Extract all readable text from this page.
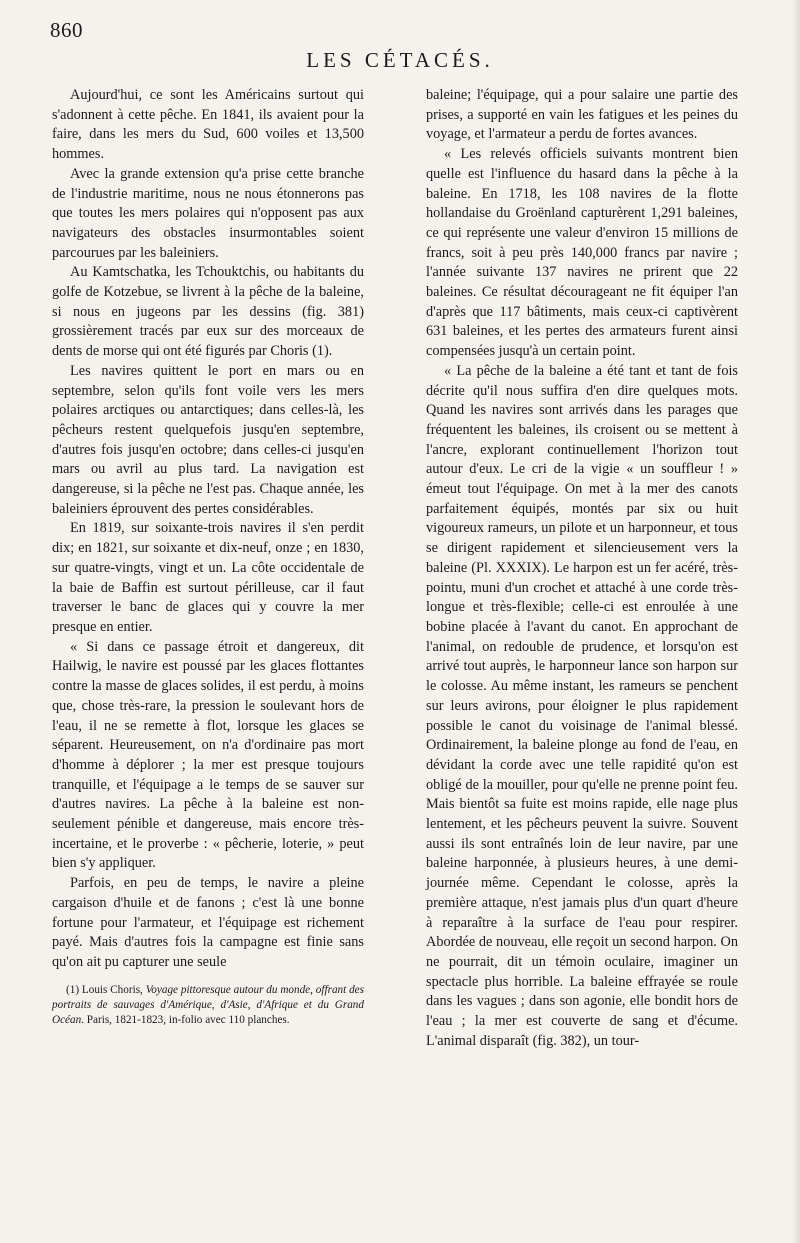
860
LES CÉTACÉS.

Aujourd'hui, ce sont les Américains surtout qui s'adonnent à cette pêche. En 1841, ils avaient pour la faire, dans les mers du Sud, 600 voiles et 13,500 hommes.

Avec la grande extension qu'a prise cette branche de l'industrie maritime, nous ne nous étonnerons pas que toutes les mers polaires qui n'opposent pas aux navigateurs des obstacles insurmontables soient parcourues par les baleiniers.

Au Kamtschatka, les Tchouktchis, ou habitants du golfe de Kotzebue, se livrent à la pêche de la baleine, si nous en jugeons par les dessins (fig. 381) grossièrement tracés par eux sur des morceaux de dents de morse qui ont été figurés par Choris (1).

Les navires quittent le port en mars ou en septembre, selon qu'ils font voile vers les mers polaires arctiques ou antarctiques; dans celles-là, les pêcheurs restent quelquefois jusqu'en septembre, d'autres fois jusqu'en octobre; dans celles-ci jusqu'en mars ou avril au plus tard. La navigation est dangereuse, si la pêche ne l'est pas. Chaque année, les baleiniers éprouvent des pertes considérables.

En 1819, sur soixante-trois navires il s'en perdit dix; en 1821, sur soixante et dix-neuf, onze ; en 1830, sur quatre-vingts, vingt et un. La côte occidentale de la baie de Baffin est surtout périlleuse, car il faut traverser le banc de glaces qui y couvre la mer presque en entier.

« Si dans ce passage étroit et dangereux, dit Hailwig, le navire est poussé par les glaces flottantes contre la masse de glaces solides, il est perdu, à moins que, chose très-rare, la pression le soulevant hors de l'eau, il ne se remette à flot, lorsque les glaces se séparent. Heureusement, on n'a d'ordinaire pas mort d'homme à déplorer ; la mer est presque toujours tranquille, et l'équipage a le temps de se sauver sur d'autres navires. La pêche à la baleine est non-seulement pénible et dangereuse, mais encore très-incertaine, et le proverbe : « pêcherie, loterie, » peut bien s'y appliquer.

Parfois, en peu de temps, le navire a pleine cargaison d'huile et de fanons ; c'est là une bonne fortune pour l'armateur, et l'équipage est richement payé. Mais d'autres fois la campagne est finie sans qu'on ait pu capturer une seule

(1) Louis Choris, Voyage pittoresque autour du monde, offrant des portraits de sauvages d'Amérique, d'Asie, d'Afrique et du Grand Océan. Paris, 1821-1823, in-folio avec 110 planches.

baleine; l'équipage, qui a pour salaire une partie des prises, a supporté en vain les fatigues et les peines du voyage, et l'armateur a perdu de fortes avances.

« Les relevés officiels suivants montrent bien quelle est l'influence du hasard dans la pêche à la baleine. En 1718, les 108 navires de la flotte hollandaise du Groënland capturèrent 1,291 baleines, ce qui représente une valeur d'environ 15 millions de francs, soit à peu près 140,000 francs par navire ; l'année suivante 137 navires ne prirent que 22 baleines. Ce résultat décourageant ne fit équiper l'an d'après que 117 bâtiments, mais ceux-ci captivèrent 631 baleines, et les pertes des armateurs furent ainsi compensées jusqu'à un certain point.

« La pêche de la baleine a été tant et tant de fois décrite qu'il nous suffira d'en dire quelques mots. Quand les navires sont arrivés dans les parages que fréquentent les baleines, ils croisent ou se mettent à l'ancre, explorant continuellement l'horizon tout autour d'eux. Le cri de la vigie « un souffleur ! » émeut tout l'équipage. On met à la mer des canots parfaitement équipés, montés par six ou huit vigoureux rameurs, un pilote et un harponneur, et tous se dirigent rapidement et silencieusement vers la baleine (Pl. XXXIX). Le harpon est un fer acéré, très-pointu, muni d'un crochet et attaché à une corde très-longue et très-flexible; celle-ci est enroulée à une bobine placée à l'avant du canot. En approchant de l'animal, on redouble de prudence, et lorsqu'on est arrivé tout auprès, le harponneur lance son harpon sur le colosse. Au même instant, les rameurs se penchent sur leurs avirons, pour éloigner le plus rapidement possible le canot du voisinage de l'animal blessé. Ordinairement, la baleine plonge au fond de l'eau, en dévidant la corde avec une telle rapidité qu'on est obligé de la mouiller, pour qu'elle ne prenne point feu. Mais bientôt sa fuite est moins rapide, elle nage plus lentement, et les pêcheurs peuvent la suivre. Souvent aussi ils sont entraînés loin de leur navire, par une baleine harponnée, à plusieurs heures, à une demi-journée même. Cependant le colosse, après la première attaque, n'est jamais plus d'un quart d'heure à reparaître à la surface de l'eau pour respirer. Abordée de nouveau, elle reçoit un second harpon. On ne pourrait, dit un témoin oculaire, imaginer un spectacle plus horrible. La baleine effrayée se roule dans les vagues ; dans son agonie, elle bondit hors de l'eau ; la mer est couverte de sang et d'écume. L'animal disparaît (fig. 382), un tour-
